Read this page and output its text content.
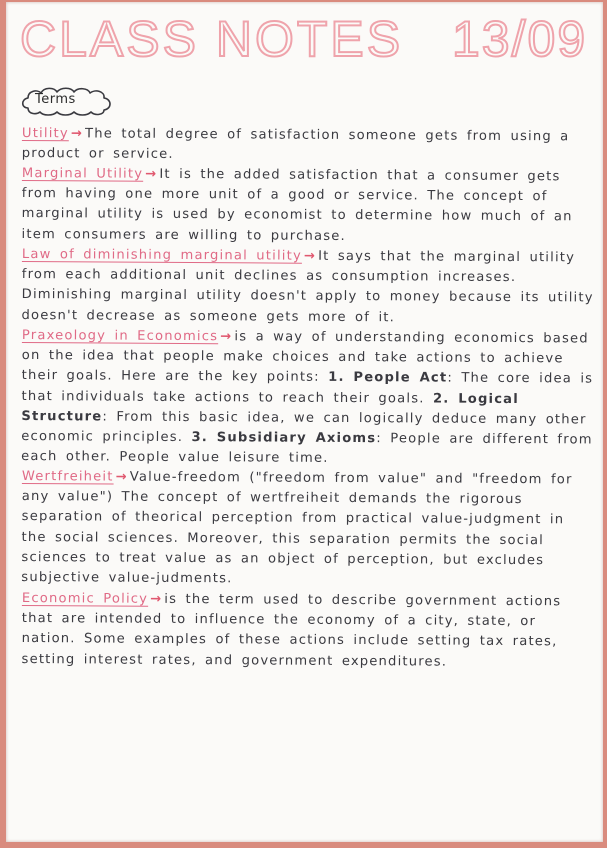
CLASS NOTES 13/09
Terms

Utility → The total degree of satisfaction someone gets from using a product or service.

Marginal Utility → It is the added satisfaction that a consumer gets from having one more unit of a good or service. The concept of marginal utility is used by economist to determine how much of an item consumers are willing to purchase.

Law of diminishing marginal utility → It says that the marginal utility from each additional unit declines as consumption increases. Diminishing marginal utility doesn't apply to money because its utility doesn't decrease as someone gets more of it.

Praxeology in Economics → is a way of understanding economics based on the idea that people make choices and take actions to achieve their goals. Here are the key points: 1. People Act: The core idea is that individuals take actions to reach their goals. 2. Logical Structure: From this basic idea, we can logically deduce many other economic principles. 3. Subsidiary Axioms: People are different from each other. People value leisure time.

Wertfreiheit → Value-freedom ("freedom from value" and "freedom for any value") The concept of wertfreiheit demands the rigorous separation of theorical perception from practical value-judgment in the social sciences. Moreover, this separation permits the social sciences to treat value as an object of perception, but excludes subjective value-judments.

Economic Policy → is the term used to describe government actions that are intended to influence the economy of a city, state, or nation. Some examples of these actions include setting tax rates, setting interest rates, and government expenditures.
